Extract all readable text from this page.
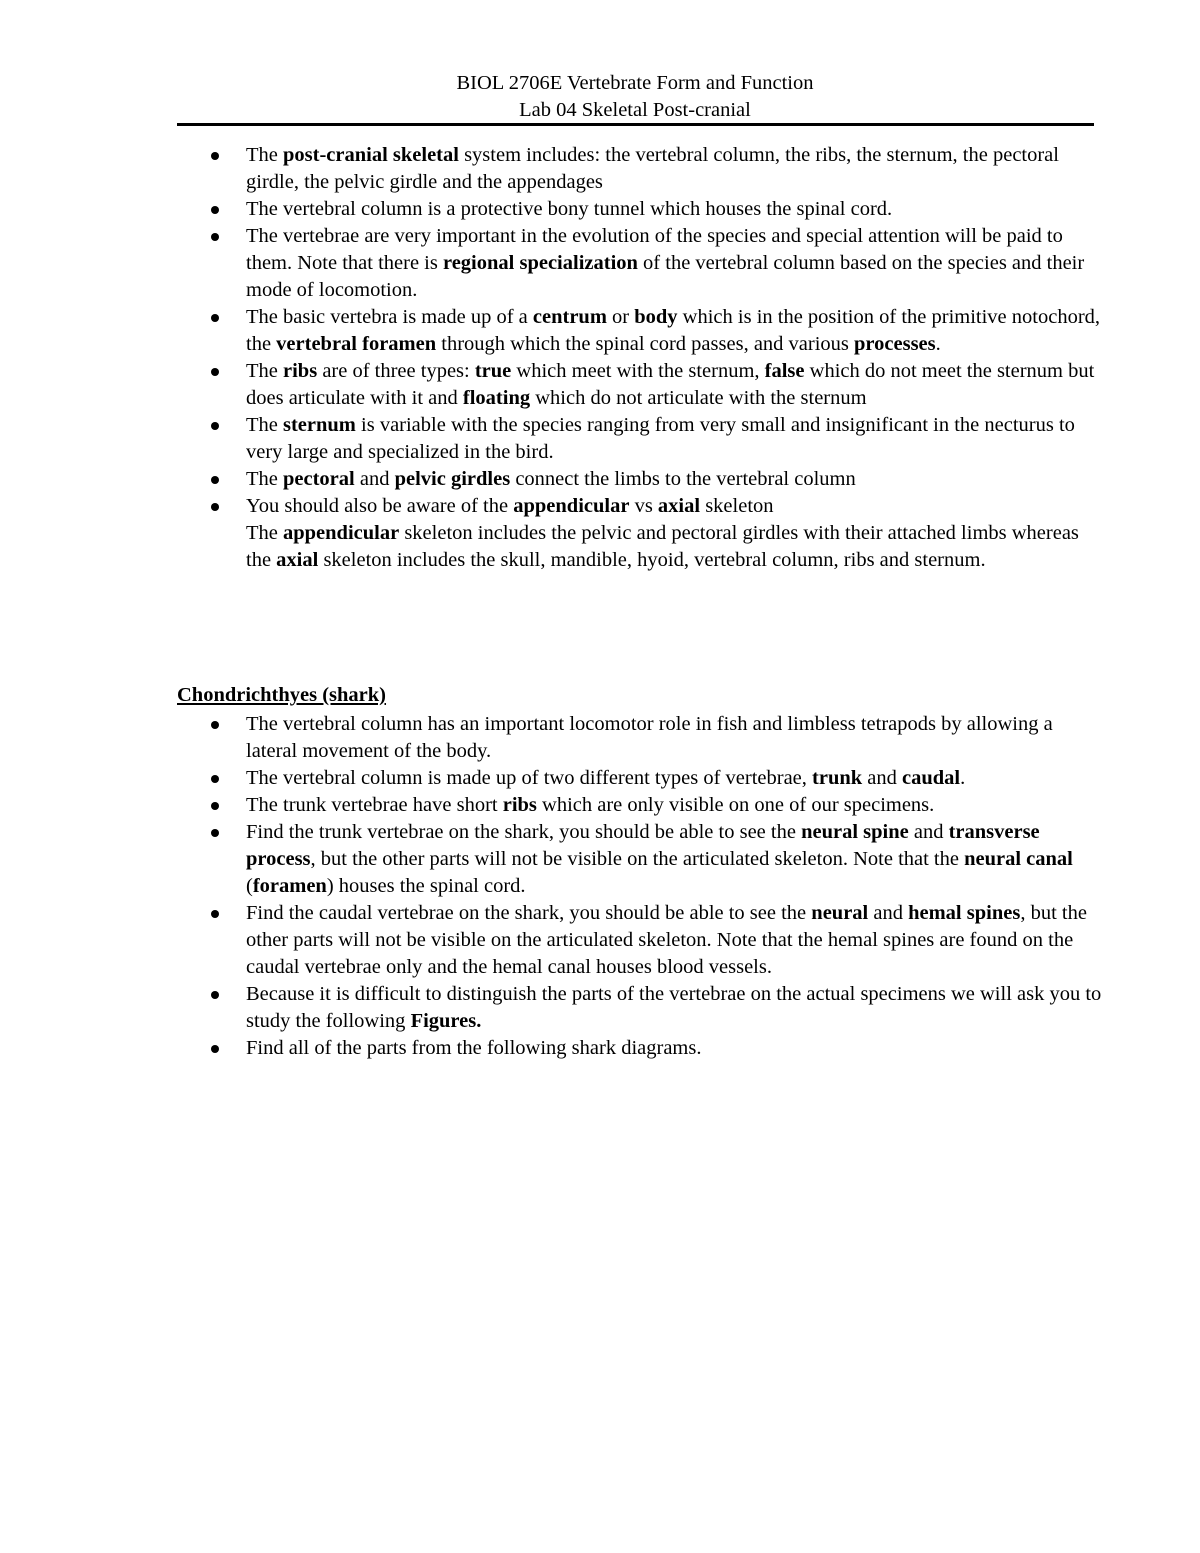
BIOL 2706E Vertebrate Form and Function
Lab 04 Skeletal Post-cranial
The post-cranial skeletal system includes: the vertebral column, the ribs, the sternum, the pectoral girdle, the pelvic girdle and the appendages
The vertebral column is a protective bony tunnel which houses the spinal cord.
The vertebrae are very important in the evolution of the species and special attention will be paid to them. Note that there is regional specialization of the vertebral column based on the species and their mode of locomotion.
The basic vertebra is made up of a centrum or body which is in the position of the primitive notochord, the vertebral foramen through which the spinal cord passes, and various processes.
The ribs are of three types: true which meet with the sternum, false which do not meet the sternum but does articulate with it and floating which do not articulate with the sternum
The sternum is variable with the species ranging from very small and insignificant in the necturus to very large and specialized in the bird.
The pectoral and pelvic girdles connect the limbs to the vertebral column
You should also be aware of the appendicular vs axial skeleton
The appendicular skeleton includes the pelvic and pectoral girdles with their attached limbs whereas the axial skeleton includes the skull, mandible, hyoid, vertebral column, ribs and sternum.
Chondrichthyes (shark)
The vertebral column has an important locomotor role in fish and limbless tetrapods by allowing a lateral movement of the body.
The vertebral column is made up of two different types of vertebrae, trunk and caudal.
The trunk vertebrae have short ribs which are only visible on one of our specimens.
Find the trunk vertebrae on the shark, you should be able to see the neural spine and transverse process, but the other parts will not be visible on the articulated skeleton. Note that the neural canal (foramen) houses the spinal cord.
Find the caudal vertebrae on the shark, you should be able to see the neural and hemal spines, but the other parts will not be visible on the articulated skeleton. Note that the hemal spines are found on the caudal vertebrae only and the hemal canal houses blood vessels.
Because it is difficult to distinguish the parts of the vertebrae on the actual specimens we will ask you to study the following Figures.
Find all of the parts from the following shark diagrams.
